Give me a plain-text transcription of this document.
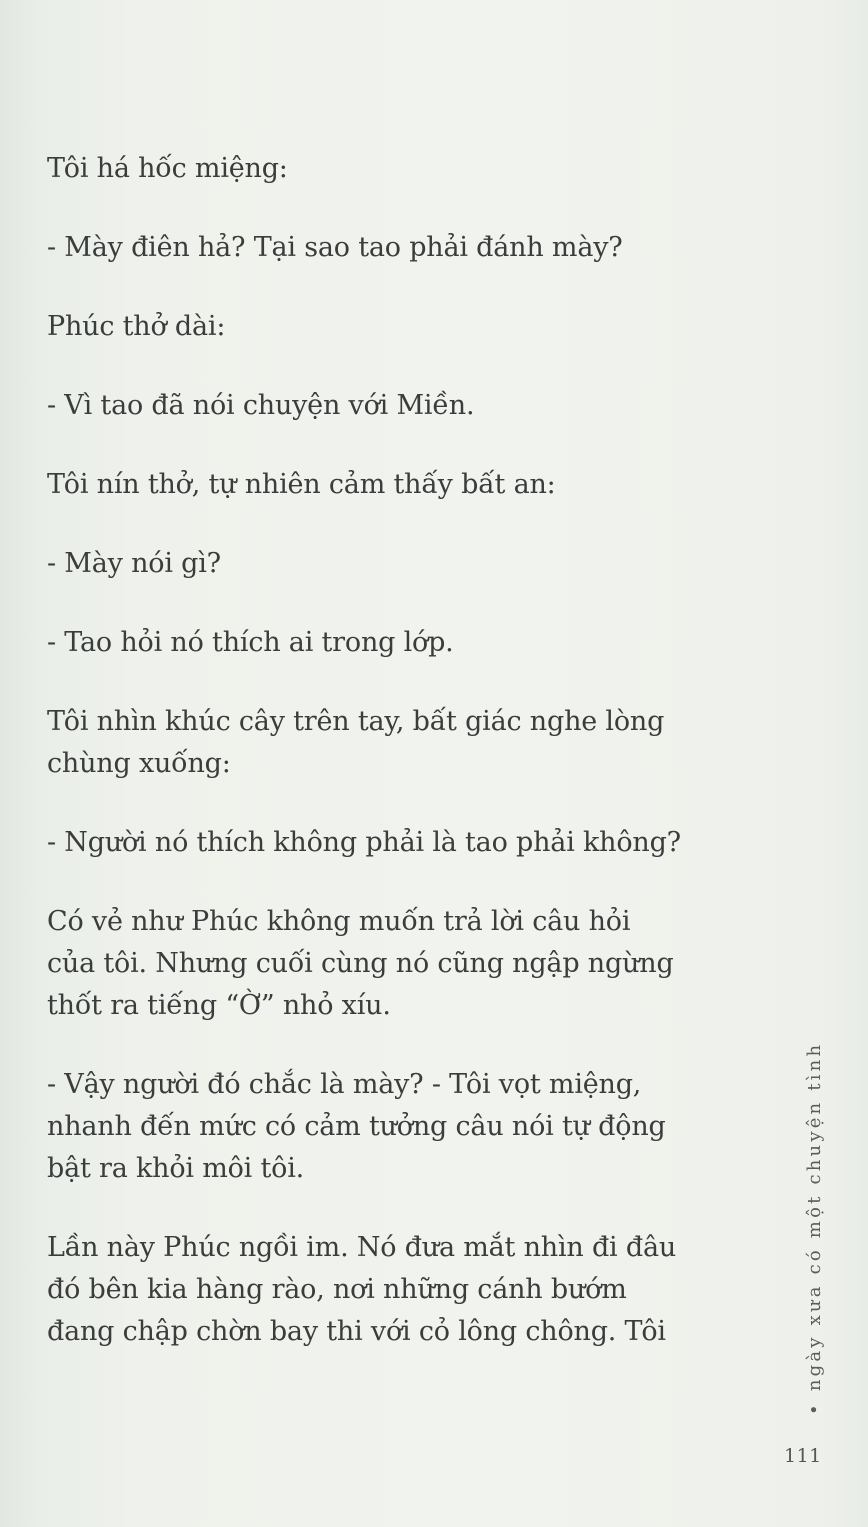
Tôi há hốc miệng:
- Mày điên hả? Tại sao tao phải đánh mày?
Phúc thở dài:
- Vì tao đã nói chuyện với Miền.
Tôi nín thở, tự nhiên cảm thấy bất an:
- Mày nói gì?
- Tao hỏi nó thích ai trong lớp.
Tôi nhìn khúc cây trên tay, bất giác nghe lòng
chùng xuống:
- Người nó thích không phải là tao phải không?
Có vẻ như Phúc không muốn trả lời câu hỏi
của tôi. Nhưng cuối cùng nó cũng ngập ngừng
thốt ra tiếng “Ờ” nhỏ xíu.
- Vậy người đó chắc là mày? - Tôi vọt miệng,
nhanh đến mức có cảm tưởng câu nói tự động
bật ra khỏi môi tôi.
Lần này Phúc ngồi im. Nó đưa mắt nhìn đi đâu
đó bên kia hàng rào, nơi những cánh bướm
đang chập chờn bay thi với cỏ lông chông. Tôi
•ngày xưa có một chuyện tình
111
